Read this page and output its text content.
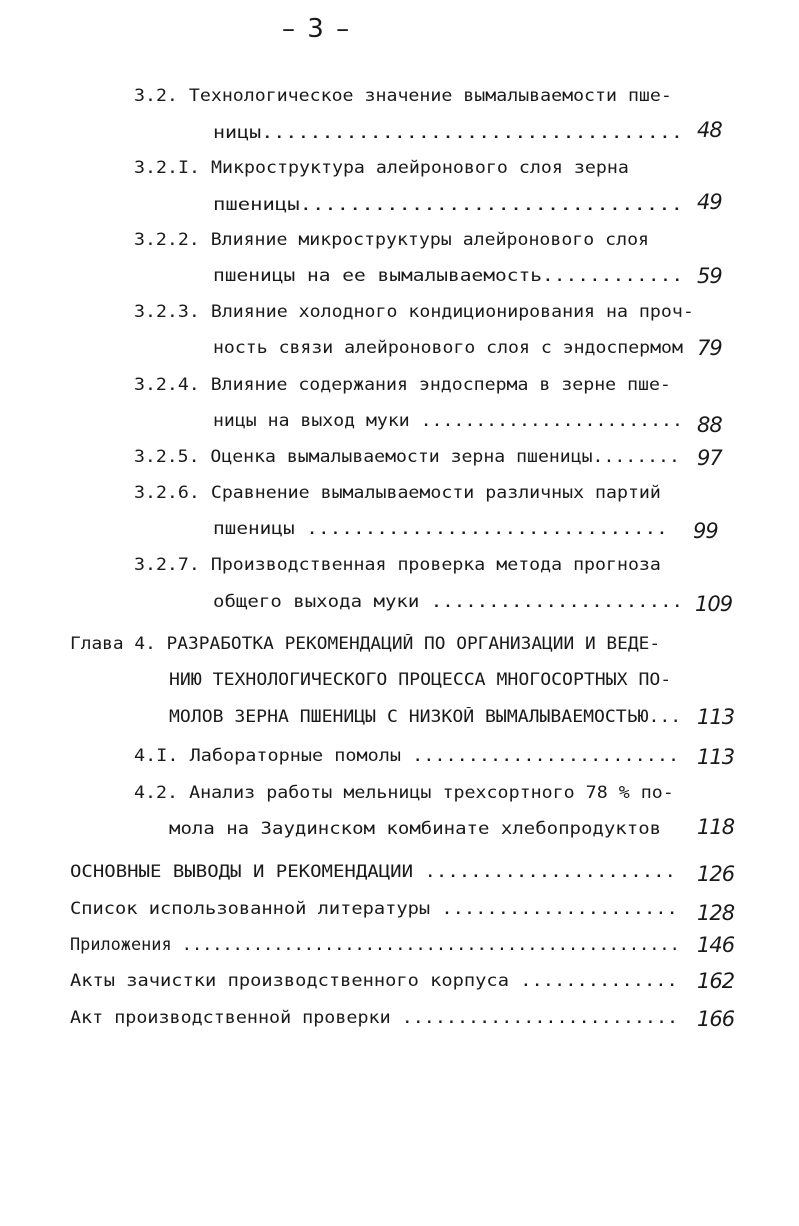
– 3 –
3.2. Технологическое значение вымалываемости пше-
ницы................................... 48
3.2.I. Микроструктура алейронового слоя зерна
пшеницы............................... 49
3.2.2. Влияние микроструктуры алейронового слоя
пшеницы на ее вымалываемость............ 59
3.2.3. Влияние холодного кондиционирования на проч-
ность связи алейронового слоя с эндоспермом 79
3.2.4. Влияние содержания эндосперма в зерне пше-
ницы на выход муки ........................ 88
3.2.5. Оценка вымалываемости зерна пшеницы........ 97
3.2.6. Сравнение вымалываемости различных партий
пшеницы ............................... 99
3.2.7. Производственная проверка метода прогноза
общего выхода муки ...................... 109
Глава 4. РАЗРАБОТКА РЕКОМЕНДАЦИЙ ПО ОРГАНИЗАЦИИ И ВЕДЕ-
НИЮ ТЕХНОЛОГИЧЕСКОГО ПРОЦЕССА МНОГОСОРТНЫХ ПО-
МОЛОВ ЗЕРНА ПШЕНИЦЫ С НИЗКОЙ ВЫМАЛЫВАЕМОСТЬЮ... 113
4.I. Лабораторные помолы ........................ 113
4.2. Анализ работы мельницы трехсортного 78 % по-
мола на Заудинском комбинате хлебопродуктов 118
ОСНОВНЫЕ ВЫВОДЫ И РЕКОМЕНДАЦИИ ...................... 126
Список использованной литературы ..................... 128
Приложения ................................................. 146
Акты зачистки производственного корпуса .............. 162
Акт производственной проверки ......................... 166
